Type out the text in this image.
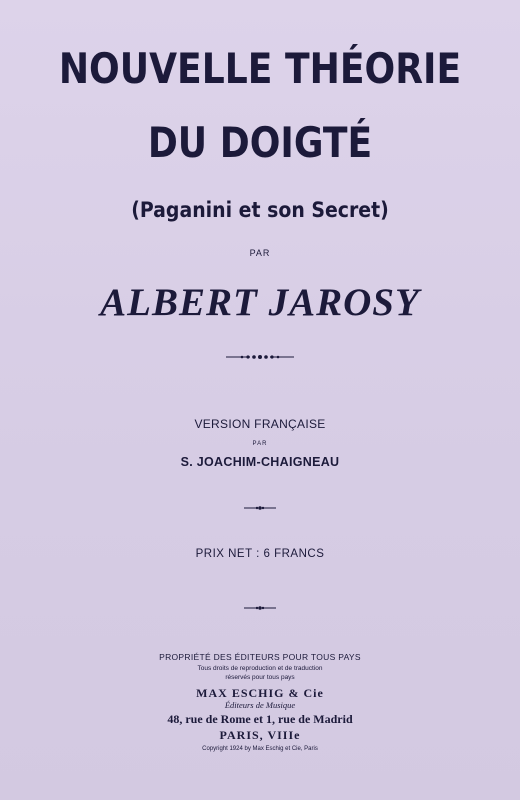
NOUVELLE THÉORIE
DU DOIGTÉ
(Paganini et son Secret)
PAR
ALBERT JAROSY
VERSION FRANÇAISE
PAR
S. JOACHIM-CHAIGNEAU
PRIX NET : 6 FRANCS
PROPRIÉTÉ DES ÉDITEURS POUR TOUS PAYS
Tous droits de reproduction et de traduction
réservés pour tous pays
MAX ESCHIG & Cie
Éditeurs de Musique
48, rue de Rome et 1, rue de Madrid
PARIS, VIIIe
Copyright 1924 by Max Eschig et Cie, Paris
